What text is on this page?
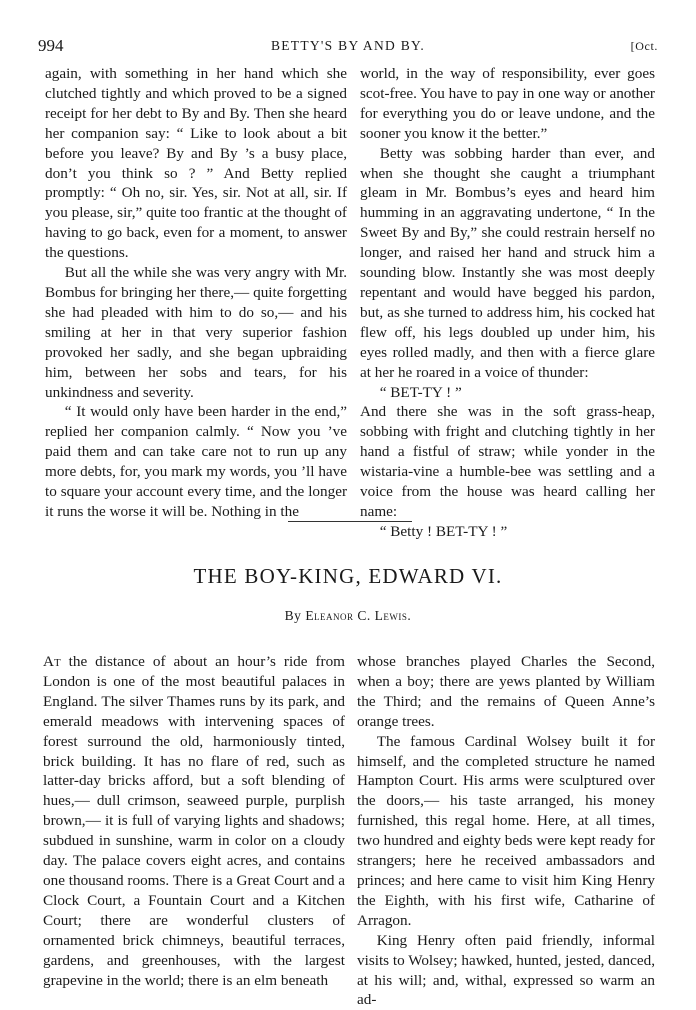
994	BETTY'S BY AND BY.	[Oct.

again, with something in her hand which she clutched tightly and which proved to be a signed receipt for her debt to By and By. Then she heard her companion say: “ Like to look about a bit before you leave? By and By ’s a busy place, don’t you think so ? ” And Betty replied promptly: “ Oh no, sir. Yes, sir. Not at all, sir. If you please, sir,” quite too frantic at the thought of having to go back, even for a moment, to answer the questions.

But all the while she was very angry with Mr. Bombus for bringing her there,— quite forgetting she had pleaded with him to do so,— and his smiling at her in that very superior fashion provoked her sadly, and she began upbraiding him, between her sobs and tears, for his unkindness and severity.

“ It would only have been harder in the end,” replied her companion calmly. “ Now you ’ve paid them and can take care not to run up any more debts, for, you mark my words, you ’ll have to square your account every time, and the longer it runs the worse it will be. Nothing in the

world, in the way of responsibility, ever goes scot-free. You have to pay in one way or another for everything you do or leave undone, and the sooner you know it the better.”

Betty was sobbing harder than ever, and when she thought she caught a triumphant gleam in Mr. Bombus’s eyes and heard him humming in an aggravating undertone, “ In the Sweet By and By,” she could restrain herself no longer, and raised her hand and struck him a sounding blow. Instantly she was most deeply repentant and would have begged his pardon, but, as she turned to address him, his cocked hat flew off, his legs doubled up under him, his eyes rolled madly, and then with a fierce glare at her he roared in a voice of thunder:

“ BET-TY ! ”

And there she was in the soft grass-heap, sobbing with fright and clutching tightly in her hand a fistful of straw; while yonder in the wistaria-vine a humble-bee was settling and a voice from the house was heard calling her name:

“ Betty ! BET-TY ! ”

THE BOY-KING, EDWARD VI.
By Eleanor C. Lewis.

At the distance of about an hour’s ride from London is one of the most beautiful palaces in England. The silver Thames runs by its park, and emerald meadows with intervening spaces of forest surround the old, harmoniously tinted, brick building. It has no flare of red, such as latter-day bricks afford, but a soft blending of hues,— dull crimson, seaweed purple, purplish brown,— it is full of varying lights and shadows; subdued in sunshine, warm in color on a cloudy day. The palace covers eight acres, and contains one thousand rooms. There is a Great Court and a Clock Court, a Fountain Court and a Kitchen Court; there are wonderful clusters of ornamented brick chimneys, beautiful terraces, gardens, and greenhouses, with the largest grapevine in the world; there is an elm beneath

whose branches played Charles the Second, when a boy; there are yews planted by William the Third; and the remains of Queen Anne’s orange trees.

The famous Cardinal Wolsey built it for himself, and the completed structure he named Hampton Court. His arms were sculptured over the doors,— his taste arranged, his money furnished, this regal home. Here, at all times, two hundred and eighty beds were kept ready for strangers; here he received ambassadors and princes; and here came to visit him King Henry the Eighth, with his first wife, Catharine of Arragon.

King Henry often paid friendly, informal visits to Wolsey; hawked, hunted, jested, danced, at his will; and, withal, expressed so warm an ad-
